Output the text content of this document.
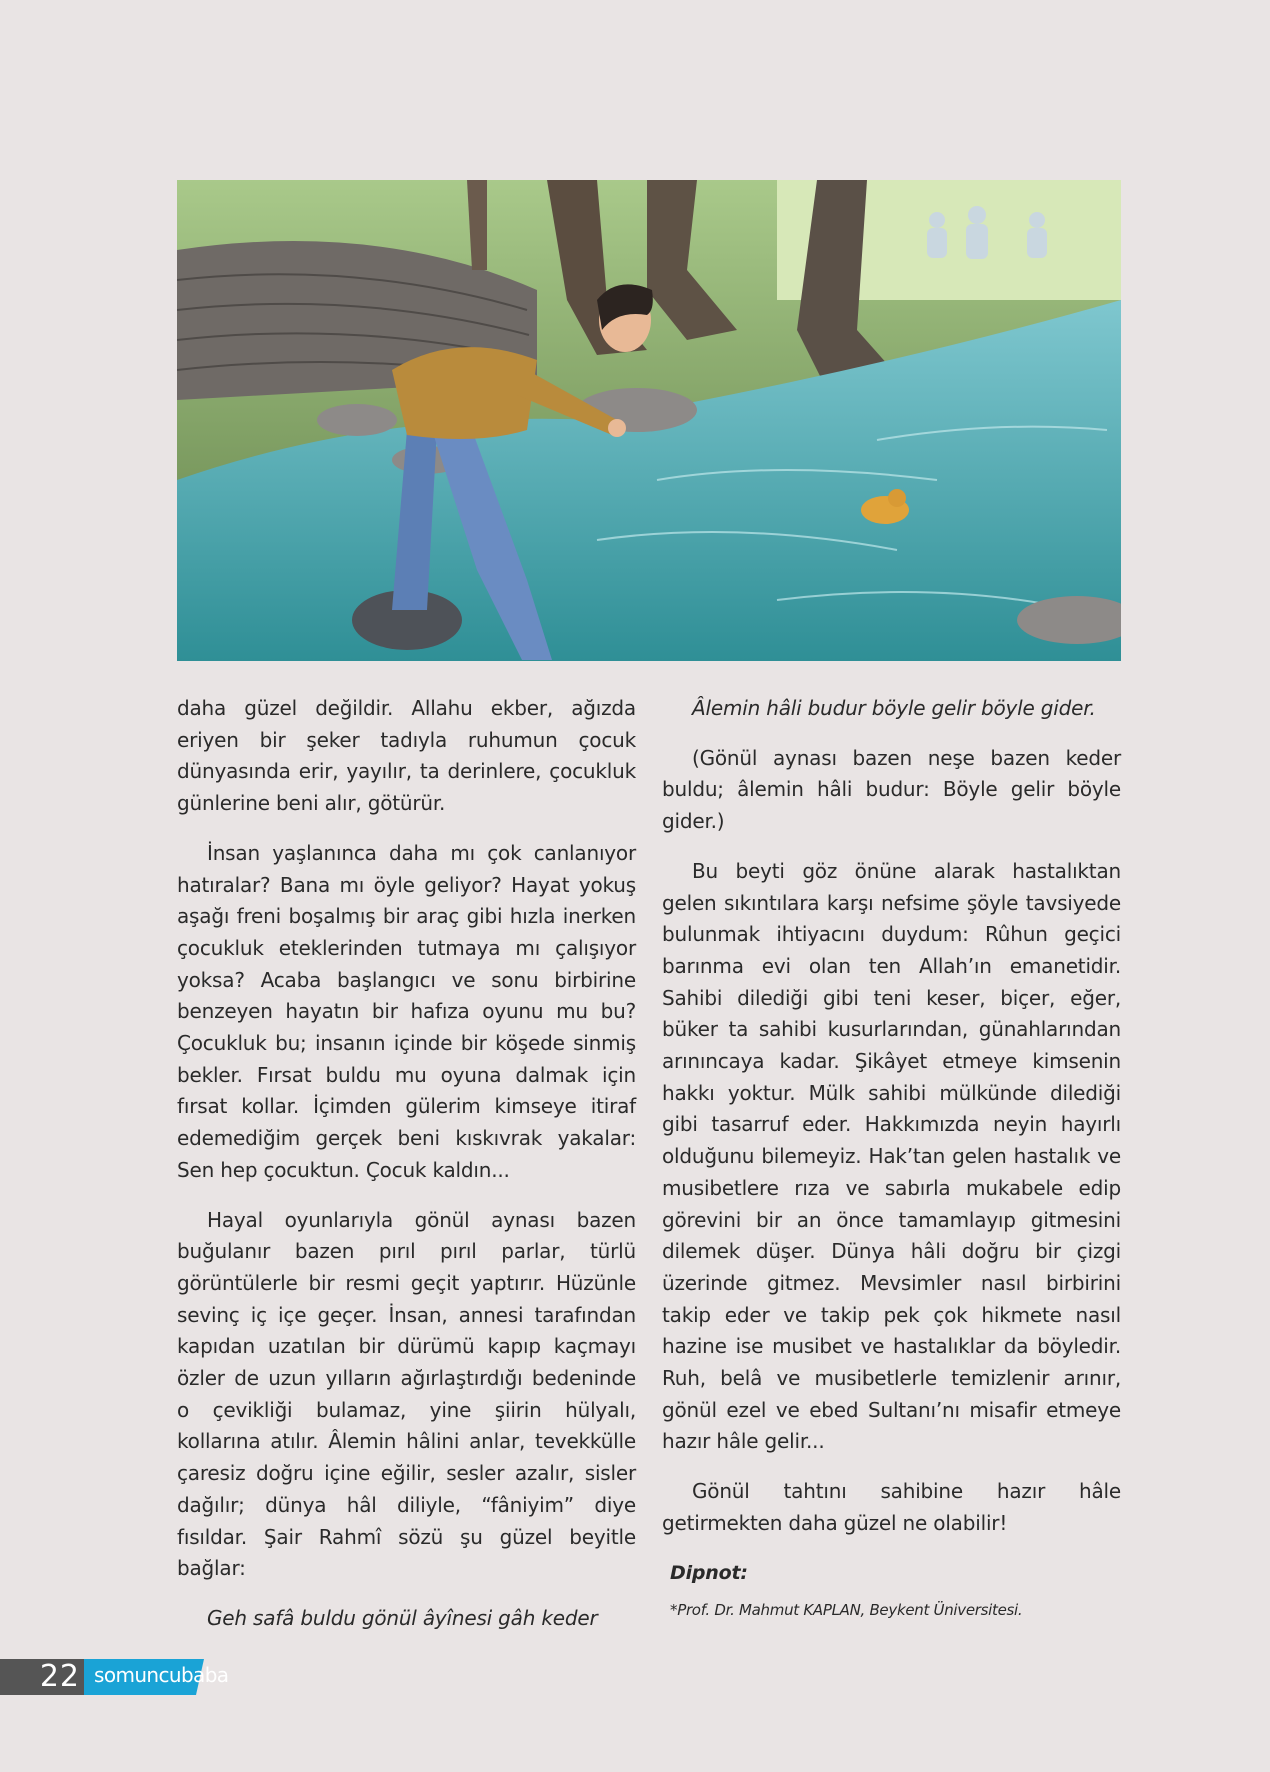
daha güzel değildir. Allahu ekber, ağızda eriyen bir şeker tadıyla ruhumun çocuk dünyasında erir, yayılır, ta derinlere, çocukluk günlerine beni alır, götürür.

İnsan yaşlanınca daha mı çok canlanıyor hatıralar? Bana mı öyle geliyor? Hayat yokuş aşağı freni boşalmış bir araç gibi hızla inerken çocukluk eteklerinden tutmaya mı çalışıyor yoksa? Acaba başlangıcı ve sonu birbirine benzeyen hayatın bir hafıza oyunu mu bu? Çocukluk bu; insanın içinde bir köşede sinmiş bekler. Fırsat buldu mu oyuna dalmak için fırsat kollar. İçimden gülerim kimseye itiraf edemediğim gerçek beni kıskıvrak yakalar: Sen hep çocuktun. Çocuk kaldın...

Hayal oyunlarıyla gönül aynası bazen buğulanır bazen pırıl pırıl parlar, türlü görüntülerle bir resmi geçit yaptırır. Hüzünle sevinç iç içe geçer. İnsan, annesi tarafından kapıdan uzatılan bir dürümü kapıp kaçmayı özler de uzun yılların ağırlaştırdığı bedeninde o çevikliği bulamaz, yine şiirin hülyalı, kollarına atılır. Âlemin hâlini anlar, tevekkülle çaresiz doğru içine eğilir, sesler azalır, sisler dağılır; dünya hâl diliyle, “fâniyim” diye fısıldar. Şair Rahmî sözü şu güzel beyitle bağlar:

Geh safâ buldu gönül âyînesi gâh keder
Âlemin hâli budur böyle gelir böyle gider.

(Gönül aynası bazen neşe bazen keder buldu; âlemin hâli budur: Böyle gelir böyle gider.)

Bu beyti göz önüne alarak hastalıktan gelen sıkıntılara karşı nefsime şöyle tavsiyede bulunmak ihtiyacını duydum: Rûhun geçici barınma evi olan ten Allah’ın emanetidir. Sahibi dilediği gibi teni keser, biçer, eğer, büker ta sahibi kusurlarından, günahlarından arınıncaya kadar. Şikâyet etmeye kimsenin hakkı yoktur. Mülk sahibi mülkünde dilediği gibi tasarruf eder. Hakkımızda neyin hayırlı olduğunu bilemeyiz. Hak’tan gelen hastalık ve musibetlere rıza ve sabırla mukabele edip görevini bir an önce tamamlayıp gitmesini dilemek düşer. Dünya hâli doğru bir çizgi üzerinde gitmez. Mevsimler nasıl birbirini takip eder ve takip pek çok hikmete nasıl hazine ise musibet ve hastalıklar da böyledir. Ruh, belâ ve musibetlerle temizlenir arınır, gönül ezel ve ebed Sultanı’nı misafir etmeye hazır hâle gelir...

Gönül tahtını sahibine hazır hâle getirmekten daha güzel ne olabilir!

Dipnot:
*Prof. Dr. Mahmut KAPLAN, Beykent Üniversitesi.
22 somuncubaba
